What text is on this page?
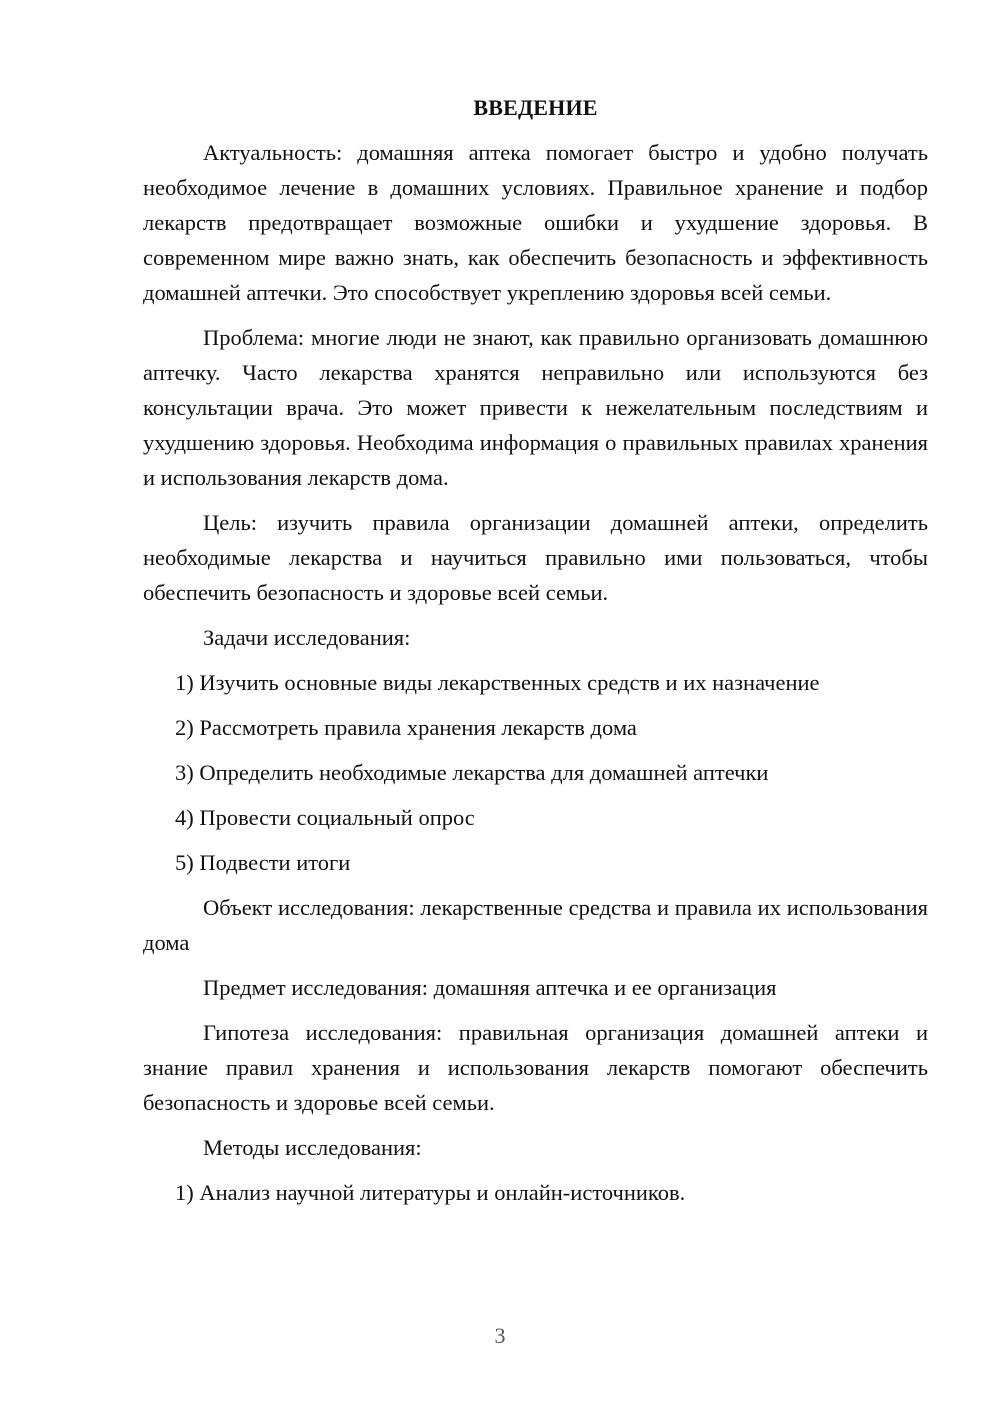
ВВЕДЕНИЕ

Актуальность: домашняя аптека помогает быстро и удобно получать необходимое лечение в домашних условиях. Правильное хранение и подбор лекарств предотвращает возможные ошибки и ухудшение здоровья. В современном мире важно знать, как обеспечить безопасность и эффективность домашней аптечки. Это способствует укреплению здоровья всей семьи.

Проблема: многие люди не знают, как правильно организовать домашнюю аптечку. Часто лекарства хранятся неправильно или используются без консультации врача. Это может привести к нежелательным последствиям и ухудшению здоровья. Необходима информация о правильных правилах хранения и использования лекарств дома.

Цель: изучить правила организации домашней аптеки, определить необходимые лекарства и научиться правильно ими пользоваться, чтобы обеспечить безопасность и здоровье всей семьи.

Задачи исследования:
1) Изучить основные виды лекарственных средств и их назначение
2) Рассмотреть правила хранения лекарств дома
3) Определить необходимые лекарства для домашней аптечки
4) Провести социальный опрос
5) Подвести итоги

Объект исследования: лекарственные средства и правила их использования дома

Предмет исследования: домашняя аптечка и ее организация

Гипотеза исследования: правильная организация домашней аптеки и знание правил хранения и использования лекарств помогают обеспечить безопасность и здоровье всей семьи.

Методы исследования:
1) Анализ научной литературы и онлайн-источников.
3
